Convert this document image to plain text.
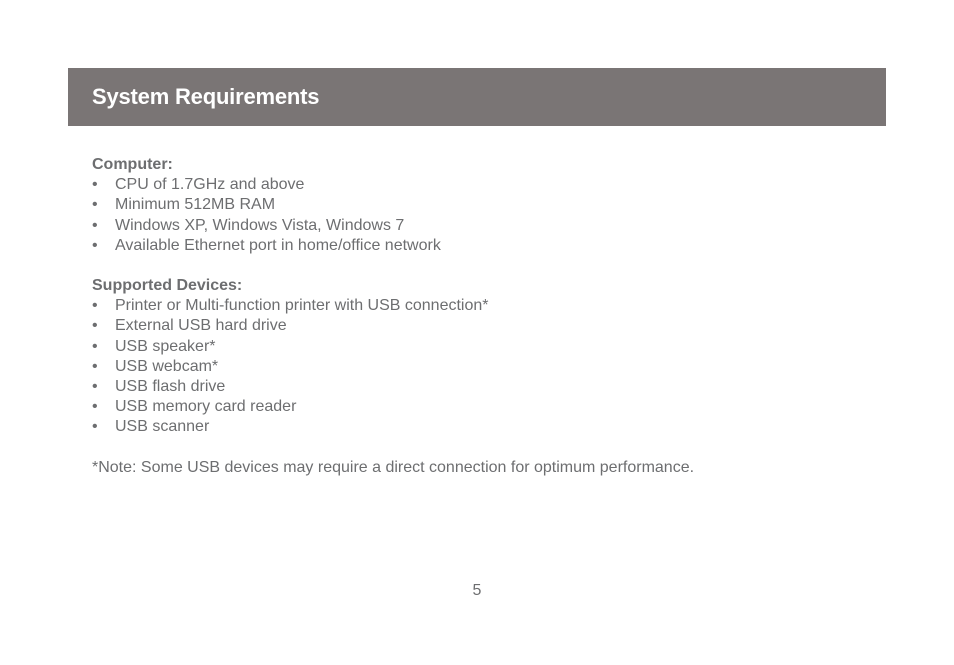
System Requirements

Computer:

• CPU of 1.7GHz and above
• Minimum 512MB RAM
• Windows XP, Windows Vista, Windows 7
• Available Ethernet port in home/office network

Supported Devices:

• Printer or Multi-function printer with USB connection*
• External USB hard drive
• USB speaker*
• USB webcam*
• USB flash drive
• USB memory card reader
• USB scanner

*Note: Some USB devices may require a direct connection for optimum performance.

5
